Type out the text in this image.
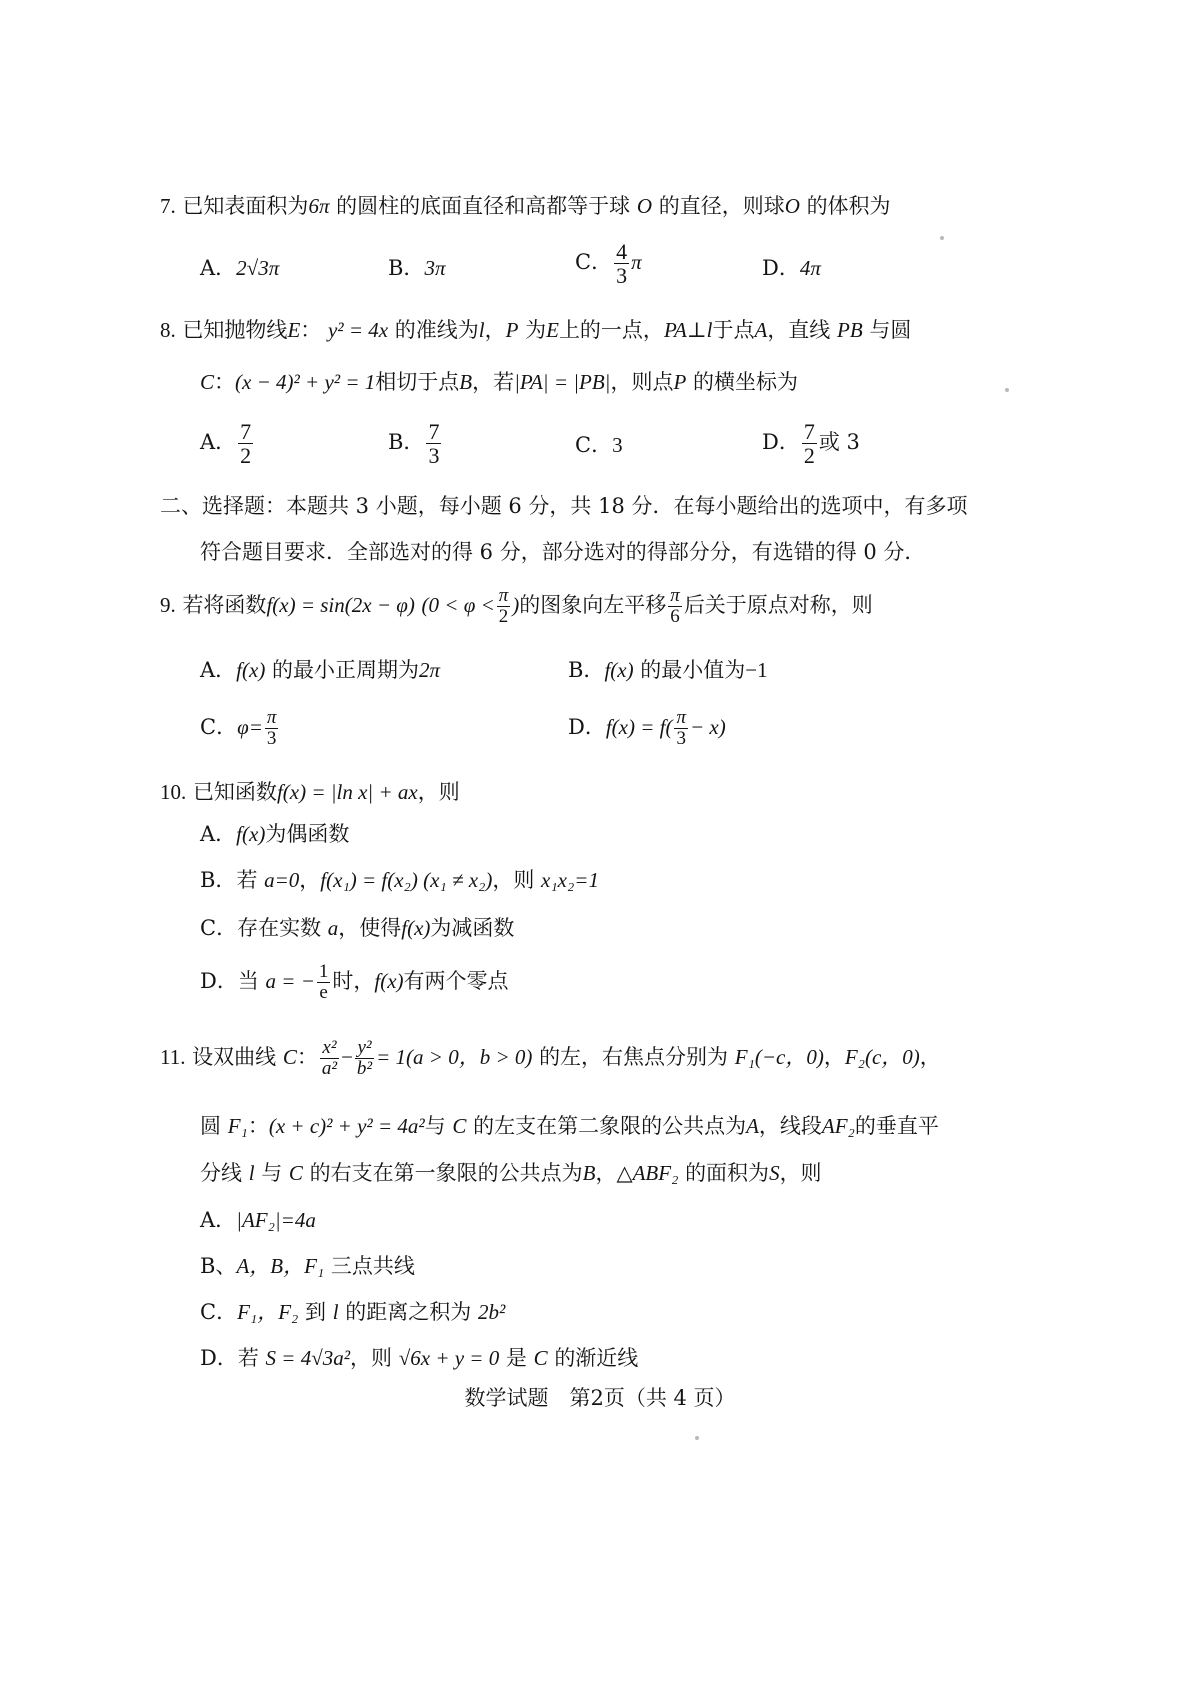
7. 已知表面积为6π 的圆柱的底面直径和高都等于球 O 的直径，则球O 的体积为
A．2√3π	B．3π	C． $\frac{4}{3}$ π	D．4π
8. 已知抛物线E： y² = 4x 的准线为l，P 为E上的一点，PA⊥l于点A，直线 PB 与圆
C：(x − 4)² + y² = 1相切于点B，若|PA| = |PB|，则点P 的横坐标为
A． $\frac{7}{2}$	B． $\frac{7}{3}$	C．3	D． $\frac{7}{2}$ 或 3
二、选择题：本题共 3 小题，每小题 6 分，共 18 分．在每小题给出的选项中，有多项
符合题目要求．全部选对的得 6 分，部分选对的得部分分，有选错的得 0 分．
9. 若将函数f(x) = sin(2x − φ) ($0 < \varphi < \frac{\pi}{2}$ )的图象向左平移 $\frac{\pi}{6}$ 后关于原点对称，则
A．f(x) 的最小正周期为2π	B．f(x) 的最小值为−1
C．$\varphi= \frac{\pi}{3}$	D．$f(x) = f( \frac{\pi}{3} - x)$
10. 已知函数f(x) = |ln x| + ax，则
A．f(x)为偶函数
B．若 a=0，f(x₁) = f(x₂) (x₁ ≠ x₂)，则 x₁x₂=1
C．存在实数 a，使得f(x)为减函数
D．当 a = − $\frac{1}{e}$ 时，f(x)有两个零点
11. 设双曲线 C： $\frac{\text{x²}}{\text{a²}} - \frac{\text{y²}}{\text{b²}} = 1(a > 0$，b > 0) 的左，右焦点分别为 F₁(−c，0)，F₂(c，0)，
圆 F₁：(x + c)² + y² = 4a²与 C 的左支在第二象限的公共点为A，线段AF₂的垂直平
分线 l 与 C 的右支在第一象限的公共点为B，△ABF₂ 的面积为S，则
A．|AF₂|=4a
B、A，B，F₁ 三点共线
C．F₁，F₂ 到 l 的距离之积为 2b²
D．若 S = 4√3a²，则 √6x + y = 0 是 C 的渐近线
数学试题　第2页（共 4 页）
